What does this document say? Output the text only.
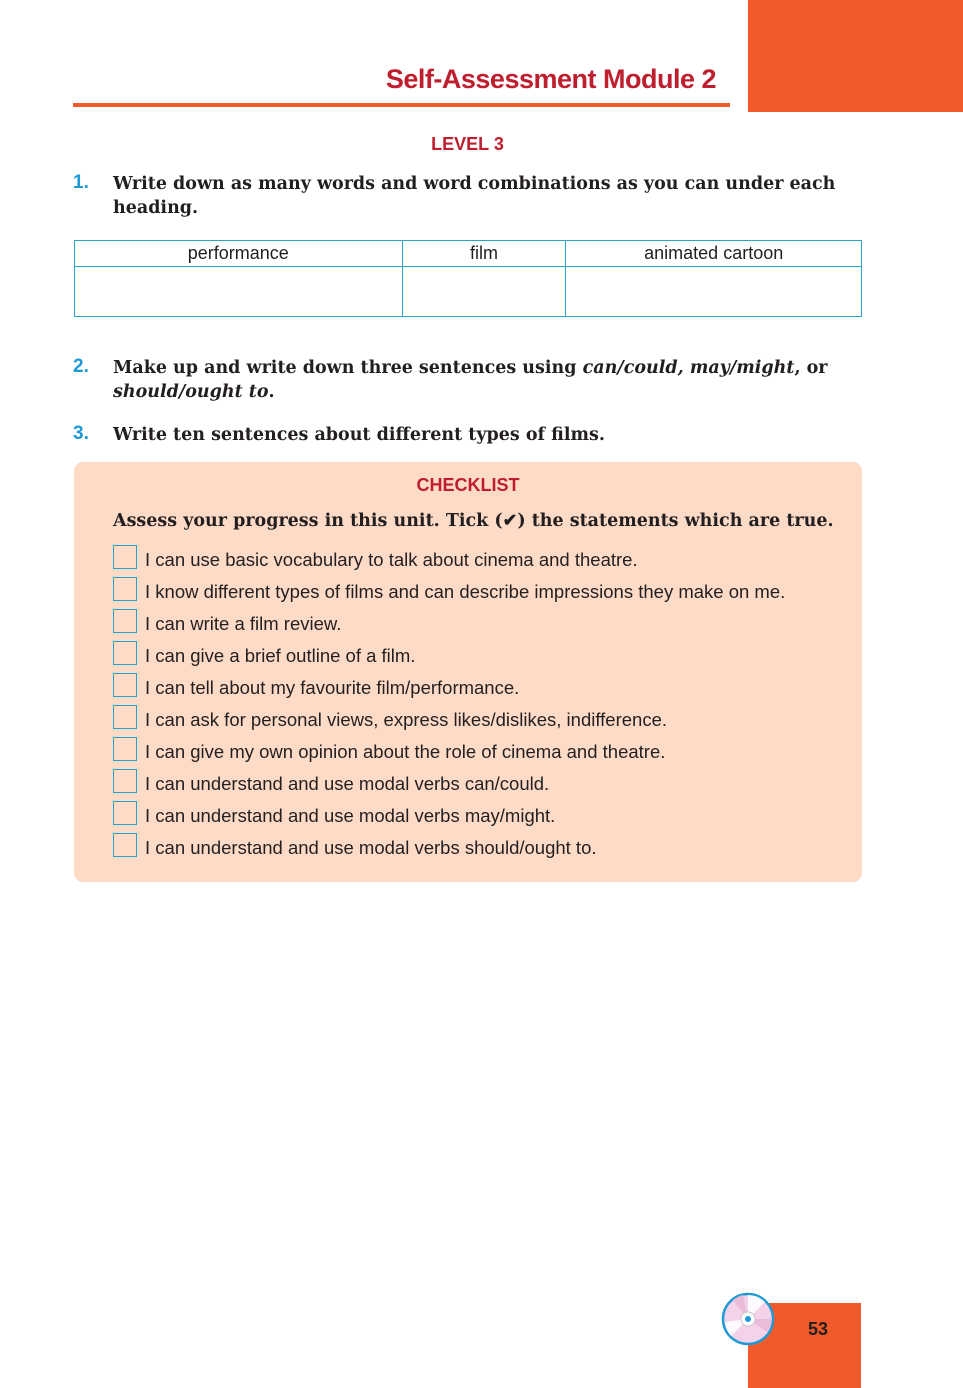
Self-Assessment Module 2
LEVEL 3
1. Write down as many words and word combinations as you can under each heading.
performance	film	animated cartoon

2. Make up and write down three sentences using can/could, may/might, or
should/ought to.
3. Write ten sentences about different types of films.
CHECKLIST
Assess your progress in this unit. Tick (✔) the statements which are true.
I can use basic vocabulary to talk about cinema and theatre.
I know different types of films and can describe impressions they make on me.
I can write a film review.
I can give a brief outline of a film.
I can tell about my favourite film/performance.
I can ask for personal views, express likes/dislikes, indifference.
I can give my own opinion about the role of cinema and theatre.
I can understand and use modal verbs can/could.
I can understand and use modal verbs may/might.
I can understand and use modal verbs should/ought to.
53
